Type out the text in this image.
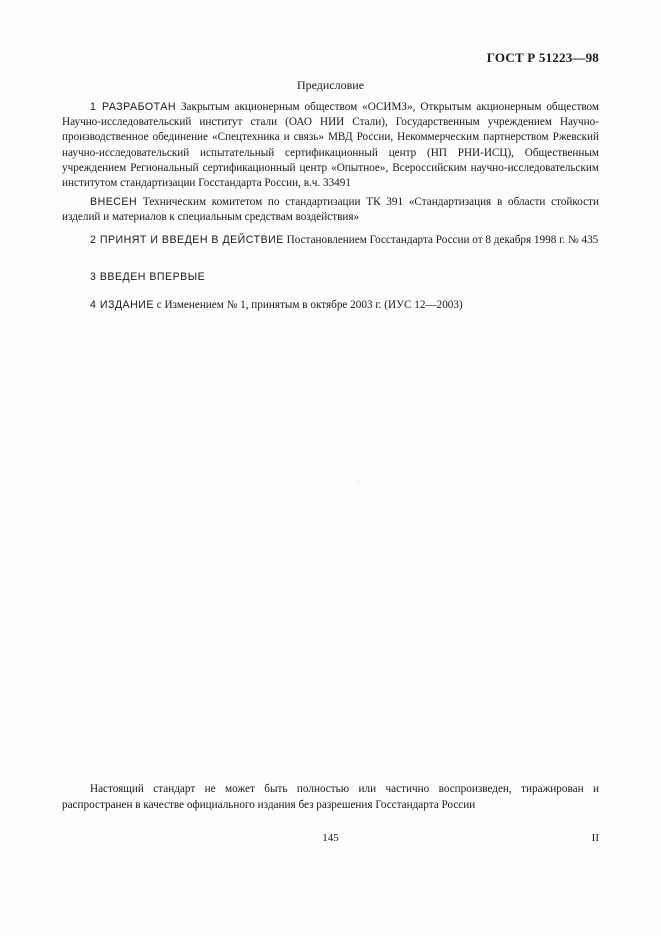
ГОСТ Р 51223—98
Предисловие

1 РАЗРАБОТАН Закрытым акционерным обществом «ОСИМЗ», Открытым акционерным обществом Научно-исследовательский институт стали (ОАО НИИ Стали), Государственным учреждением Научно-производственное обединение «Спецтехника и связь» МВД России, Некоммерческим партнерством Ржевский научно-исследовательский испытательный сертификационный центр (НП РНИ-ИСЦ), Общественным учреждением Региональный сертификационный центр «Опытное», Всероссийским научно-исследовательским институтом стандартизации Госстандарта России, в.ч. 33491

ВНЕСЕН Техническим комитетом по стандартизации ТК 391 «Стандартизация в области стойкости изделий и материалов к специальным средствам воздействия»

2 ПРИНЯТ И ВВЕДЕН В ДЕЙСТВИЕ Постановлением Госстандарта России от 8 декабря 1998 г. № 435

3 ВВЕДЕН ВПЕРВЫЕ

4 ИЗДАНИЕ с Изменением № 1, принятым в октябре 2003 г. (ИУС 12—2003)

Настоящий стандарт не может быть полностью или частично воспроизведен, тиражирован и распространен в качестве официального издания без разрешения Госстандарта России

145	II
